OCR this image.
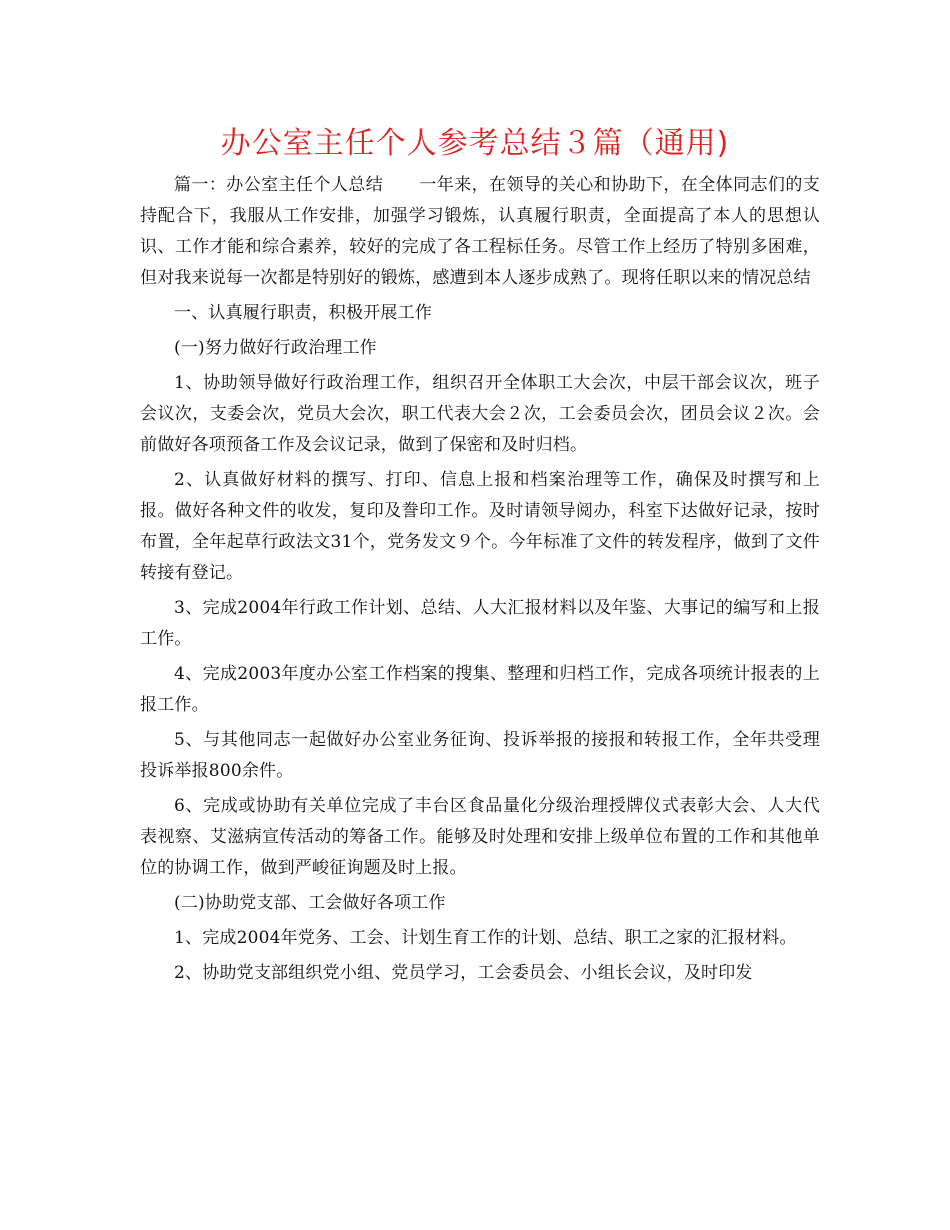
办公室主任个人参考总结３篇（通用)

篇一：办公室主任个人总结 一年来，在领导的关心和协助下，在全体同志们的支持配合下，我服从工作安排，加强学习锻炼，认真履行职责，全面提高了本人的思想认识、工作才能和综合素养，较好的完成了各工程标任务。尽管工作上经历了特别多困难，但对我来说每一次都是特别好的锻炼，感遭到本人逐步成熟了。现将任职以来的情况总结

一、认真履行职责，积极开展工作

(一)努力做好行政治理工作

1、协助领导做好行政治理工作，组织召开全体职工大会次，中层干部会议次，班子会议次，支委会次，党员大会次，职工代表大会２次，工会委员会次，团员会议２次。会前做好各项预备工作及会议记录，做到了保密和及时归档。

2、认真做好材料的撰写、打印、信息上报和档案治理等工作，确保及时撰写和上报。做好各种文件的收发，复印及誊印工作。及时请领导阅办，科室下达做好记录，按时布置，全年起草行政法文31个，党务发文９个。今年标准了文件的转发程序，做到了文件转接有登记。

3、完成2004年行政工作计划、总结、人大汇报材料以及年鉴、大事记的编写和上报工作。

4、完成2003年度办公室工作档案的搜集、整理和归档工作，完成各项统计报表的上报工作。

5、与其他同志一起做好办公室业务征询、投诉举报的接报和转报工作，全年共受理投诉举报800余件。

6、完成或协助有关单位完成了丰台区食品量化分级治理授牌仪式表彰大会、人大代表视察、艾滋病宣传活动的筹备工作。能够及时处理和安排上级单位布置的工作和其他单位的协调工作，做到严峻征询题及时上报。

(二)协助党支部、工会做好各项工作

1、完成2004年党务、工会、计划生育工作的计划、总结、职工之家的汇报材料。

2、协助党支部组织党小组、党员学习，工会委员会、小组长会议，及时印发
